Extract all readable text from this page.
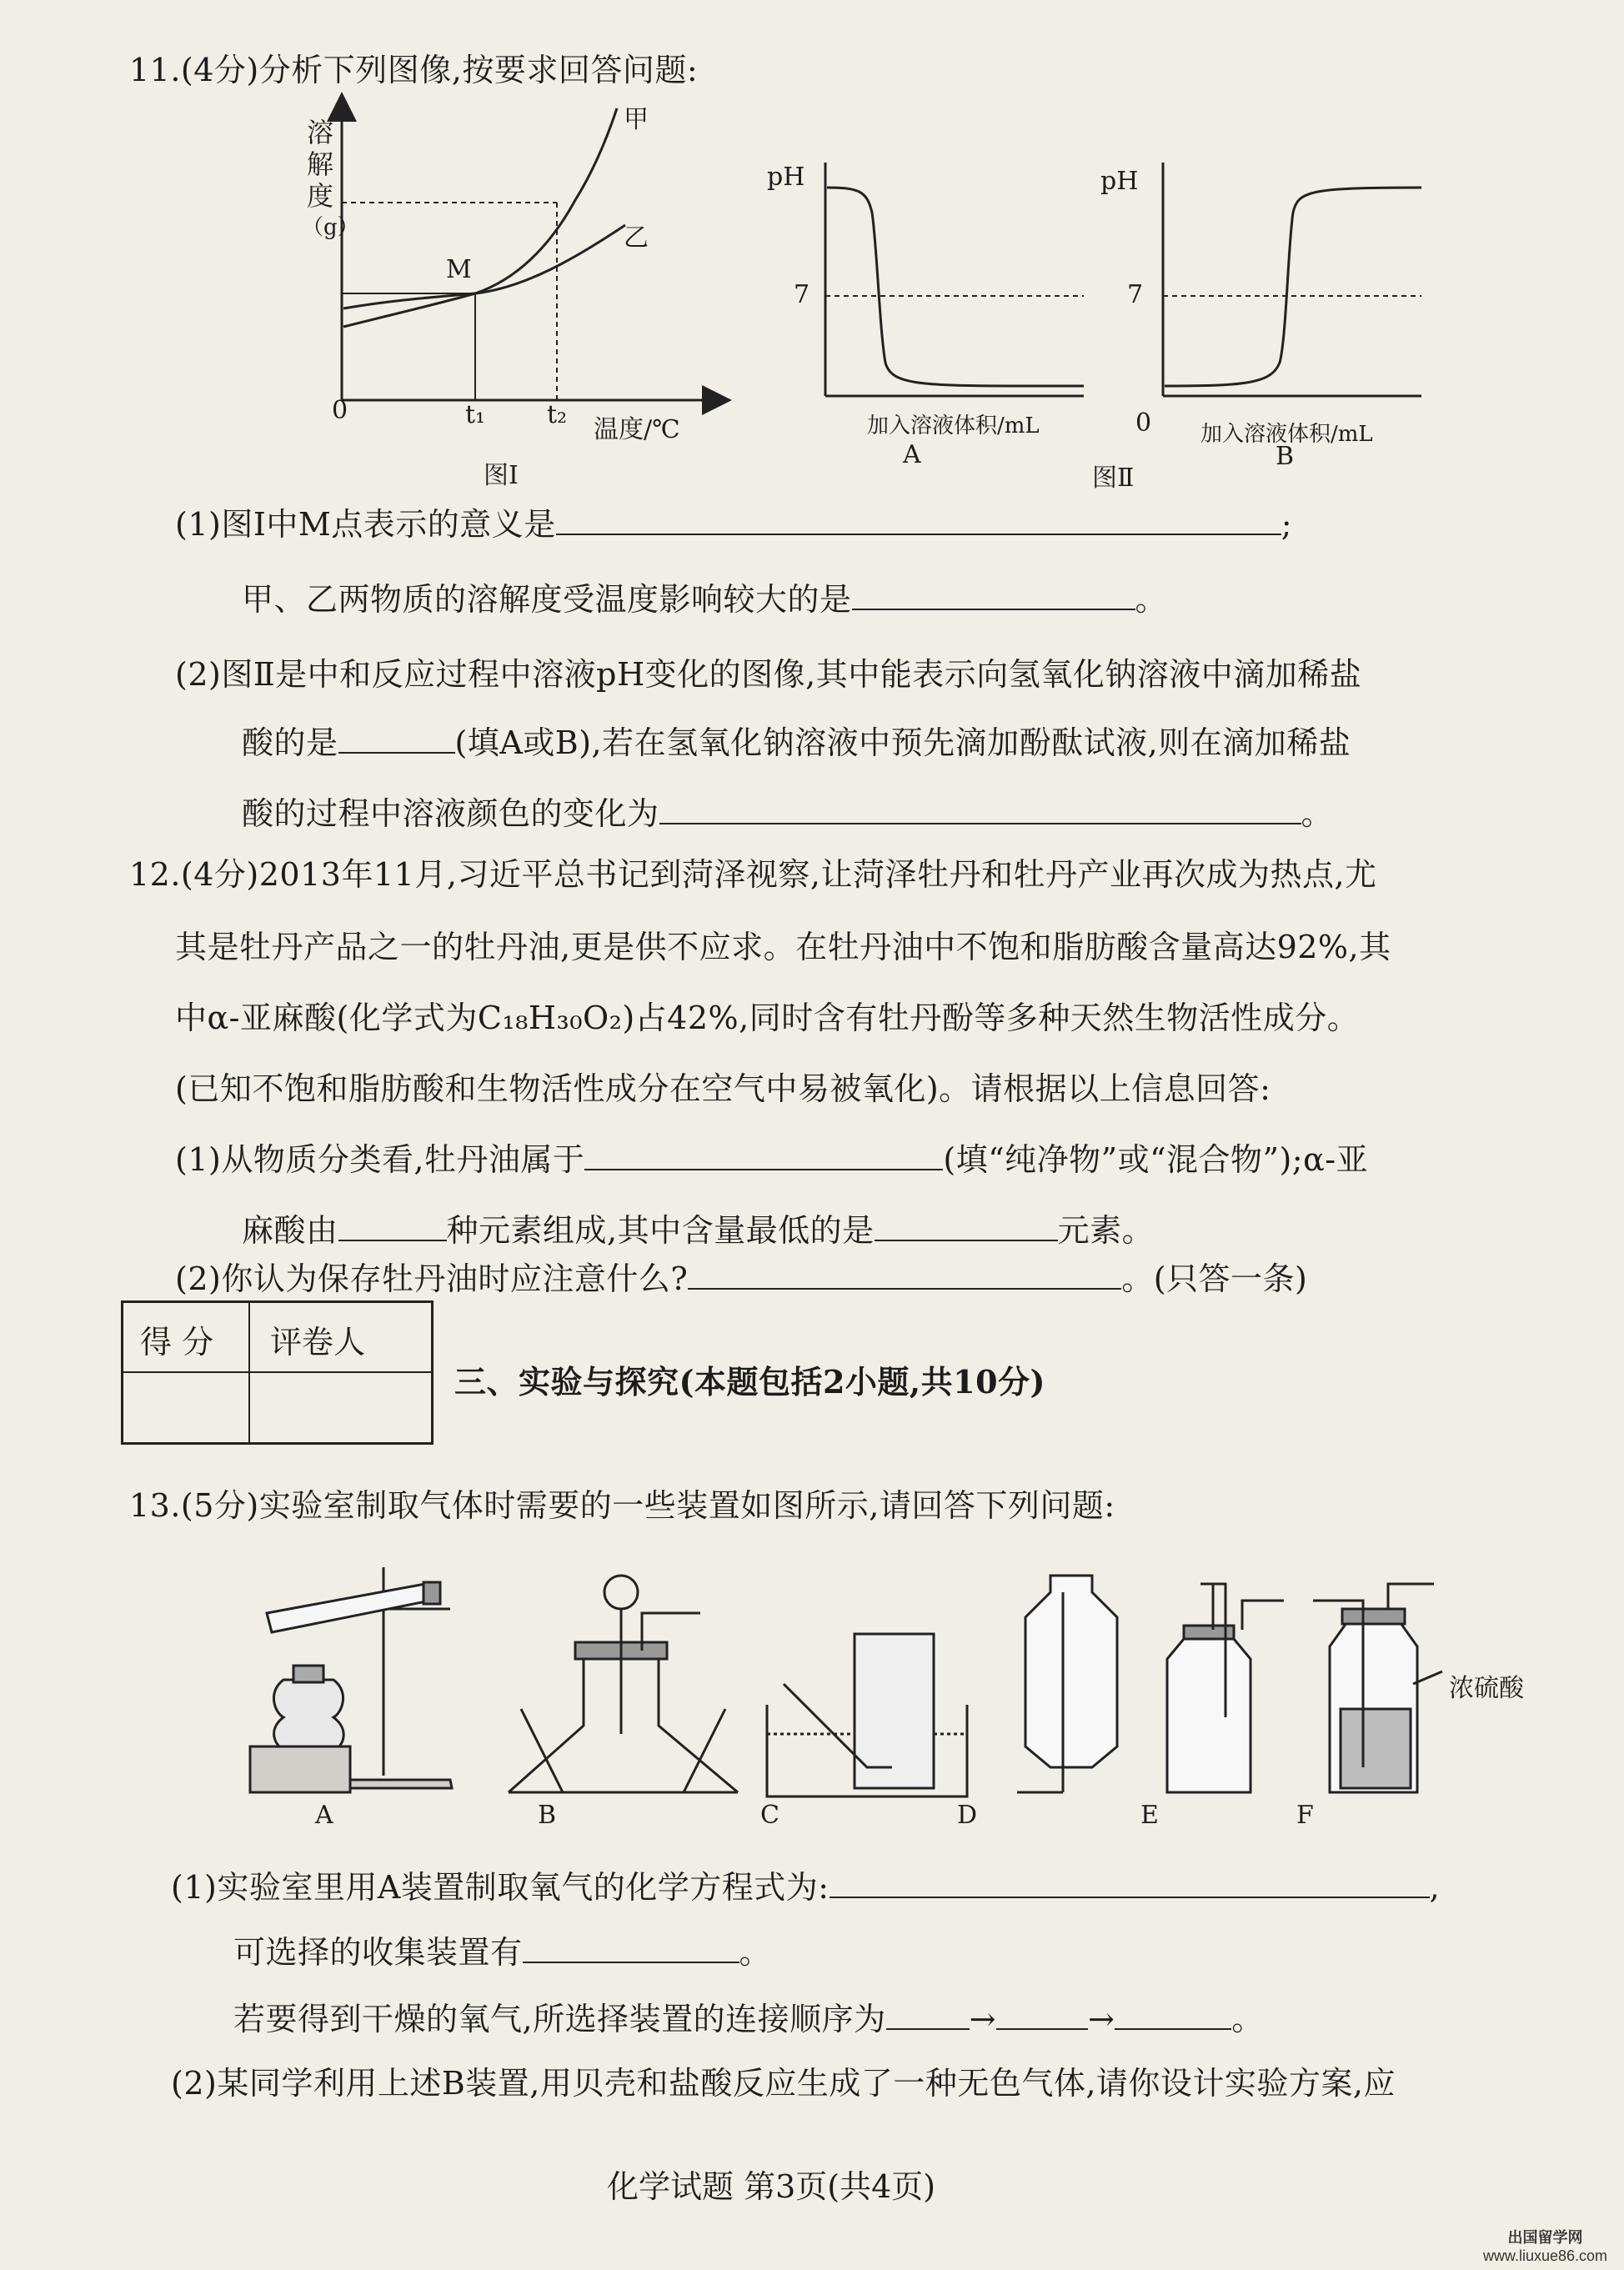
11.(4分)分析下列图像,按要求回答问题:
溶
解
度
（g）
甲
乙
M
0	t₁ t₂
温度/℃
图Ⅰ
pH
7
加入溶液体积/mL
A
pH
7
0 加入溶液体积/mL
B
图Ⅱ
(1)图Ⅰ中M点表示的意义是	;
甲、乙两物质的溶解度受温度影响较大的是	。
(2)图Ⅱ是中和反应过程中溶液pH变化的图像,其中能表示向氢氧化钠溶液中滴加稀盐
酸的是	(填A或B),若在氢氧化钠溶液中预先滴加酚酞试液,则在滴加稀盐
酸的过程中溶液颜色的变化为	。
12.(4分)2013年11月,习近平总书记到菏泽视察,让菏泽牡丹和牡丹产业再次成为热点,尤
其是牡丹产品之一的牡丹油,更是供不应求。在牡丹油中不饱和脂肪酸含量高达92%,其
中α-亚麻酸(化学式为C₁₈H₃₀O₂)占42%,同时含有牡丹酚等多种天然生物活性成分。
(已知不饱和脂肪酸和生物活性成分在空气中易被氧化)。请根据以上信息回答:
(1)从物质分类看,牡丹油属于	(填“纯净物”或“混合物”);α-亚
麻酸由	种元素组成,其中含量最低的是	元素。
(2)你认为保存牡丹油时应注意什么?	。(只答一条)
得 分 评卷人
三、实验与探究(本题包括2小题,共10分)
13.(5分)实验室制取气体时需要的一些装置如图所示,请回答下列问题:
浓硫酸
A	B	C	D	E	F
(1)实验室里用A装置制取氧气的化学方程式为:	,
可选择的收集装置有	。
若要得到干燥的氧气,所选择装置的连接顺序为	→	→	。
(2)某同学利用上述B装置,用贝壳和盐酸反应生成了一种无色气体,请你设计实验方案,应
化学试题 第3页(共4页)
出国留学网
www.liuxue86.com
